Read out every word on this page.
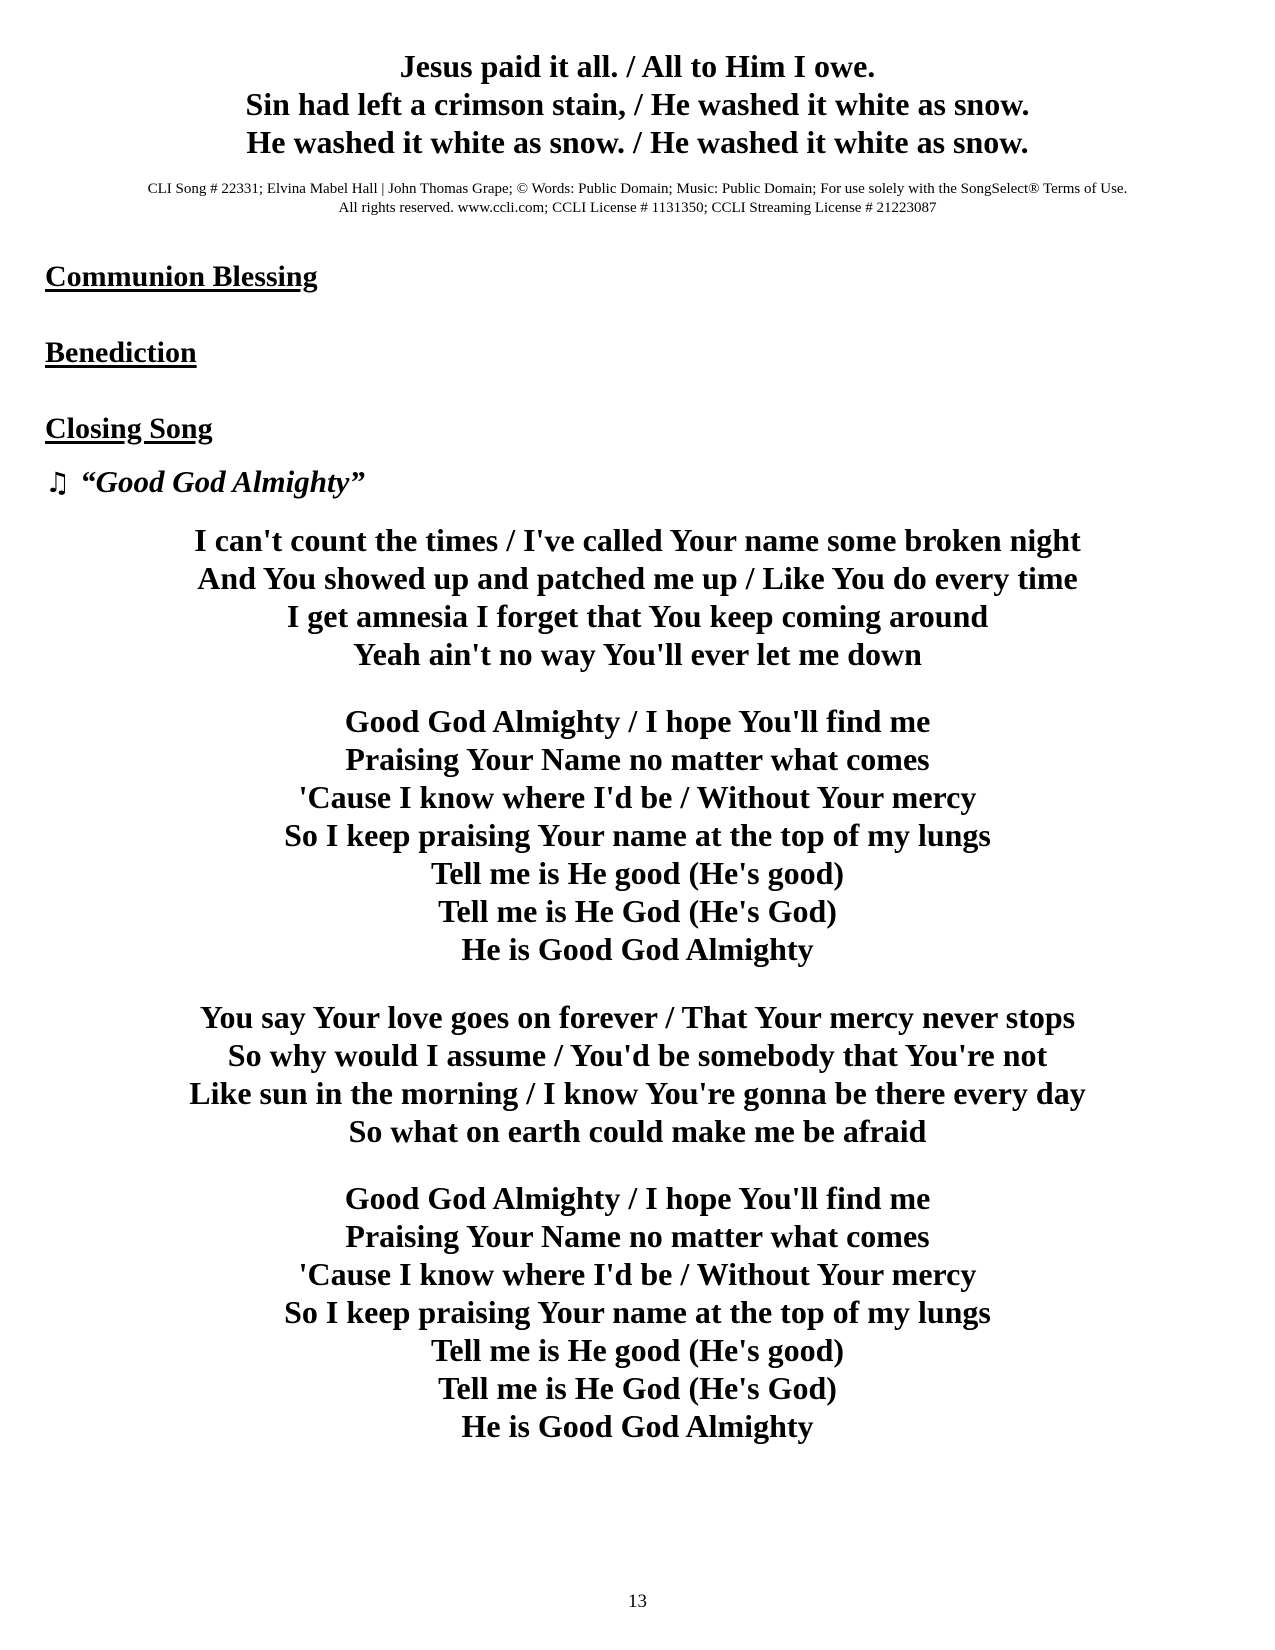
Jesus paid it all. / All to Him I owe.
Sin had left a crimson stain, / He washed it white as snow.
He washed it white as snow. / He washed it white as snow.
CLI Song # 22331; Elvina Mabel Hall | John Thomas Grape; © Words: Public Domain; Music: Public Domain; For use solely with the SongSelect® Terms of Use.
All rights reserved. www.ccli.com; CCLI License # 1131350; CCLI Streaming License # 21223087
Communion Blessing
Benediction
Closing Song
♫ “Good God Almighty”
I can't count the times / I've called Your name some broken night
And You showed up and patched me up / Like You do every time
I get amnesia I forget that You keep coming around
Yeah ain't no way You'll ever let me down
Good God Almighty / I hope You'll find me
Praising Your Name no matter what comes
'Cause I know where I'd be / Without Your mercy
So I keep praising Your name at the top of my lungs
Tell me is He good (He's good)
Tell me is He God (He's God)
He is Good God Almighty
You say Your love goes on forever / That Your mercy never stops
So why would I assume / You'd be somebody that You're not
Like sun in the morning / I know You're gonna be there every day
So what on earth could make me be afraid
Good God Almighty / I hope You'll find me
Praising Your Name no matter what comes
'Cause I know where I'd be / Without Your mercy
So I keep praising Your name at the top of my lungs
Tell me is He good (He's good)
Tell me is He God (He's God)
He is Good God Almighty
13
